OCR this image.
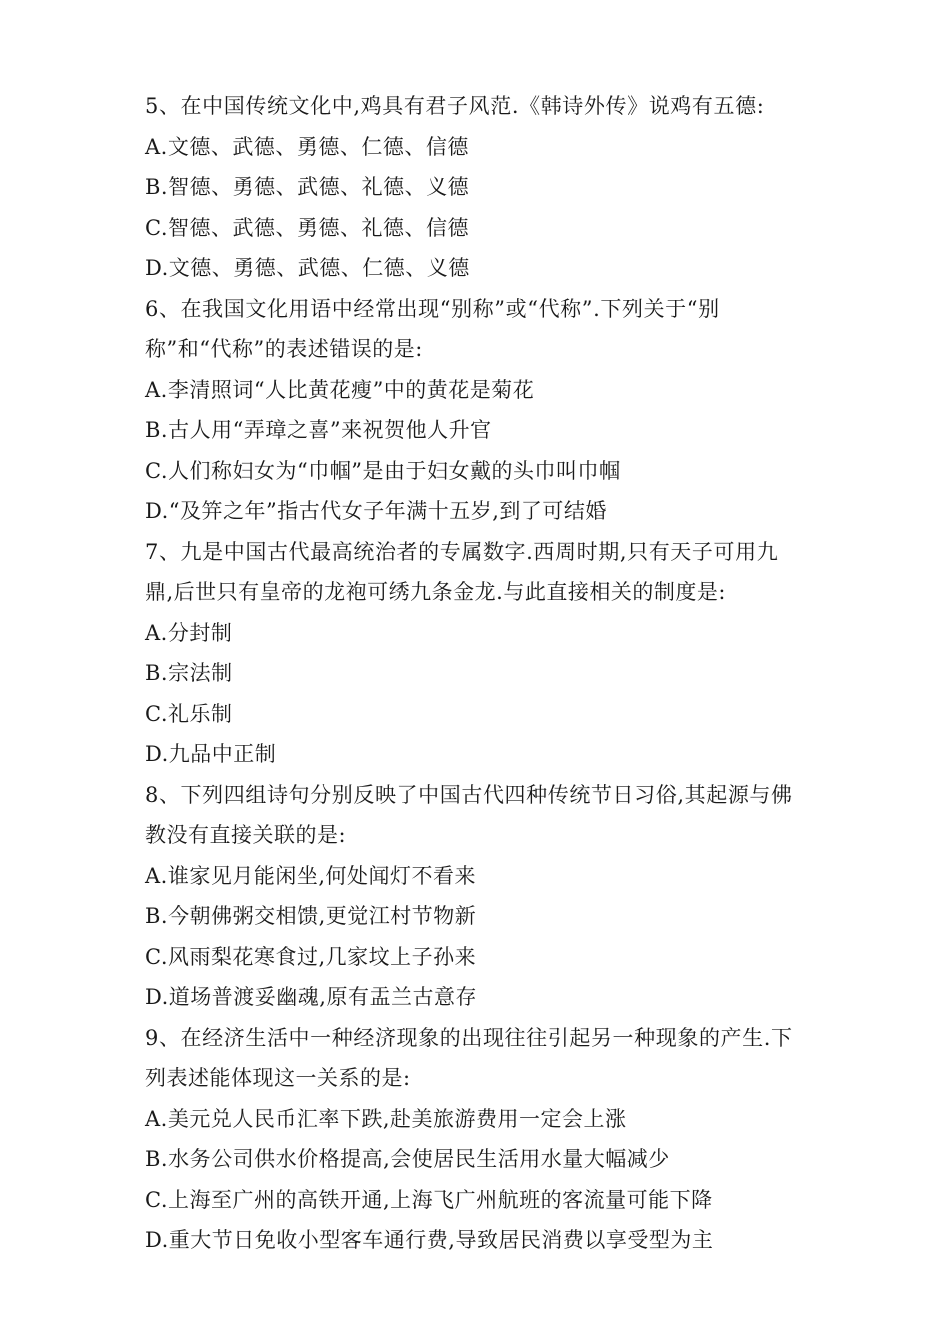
5、在中国传统文化中,鸡具有君子风范.《韩诗外传》说鸡有五德:
A.文德、武德、勇德、仁德、信德
B.智德、勇德、武德、礼德、义德
C.智德、武德、勇德、礼德、信德
D.文德、勇德、武德、仁德、义德
6、在我国文化用语中经常出现“别称”或“代称”.下列关于“别
称”和“代称”的表述错误的是:
A.李清照词“人比黄花瘦”中的黄花是菊花
B.古人用“弄璋之喜”来祝贺他人升官
C.人们称妇女为“巾帼”是由于妇女戴的头巾叫巾帼
D.“及笄之年”指古代女子年满十五岁,到了可结婚
7、九是中国古代最高统治者的专属数字.西周时期,只有天子可用九
鼎,后世只有皇帝的龙袍可绣九条金龙.与此直接相关的制度是:
A.分封制
B.宗法制
C.礼乐制
D.九品中正制
8、下列四组诗句分别反映了中国古代四种传统节日习俗,其起源与佛
教没有直接关联的是:
A.谁家见月能闲坐,何处闻灯不看来
B.今朝佛粥交相馈,更觉江村节物新
C.风雨梨花寒食过,几家坟上子孙来
D.道场普渡妥幽魂,原有盂兰古意存
9、在经济生活中一种经济现象的出现往往引起另一种现象的产生.下
列表述能体现这一关系的是:
A.美元兑人民币汇率下跌,赴美旅游费用一定会上涨
B.水务公司供水价格提高,会使居民生活用水量大幅减少
C.上海至广州的高铁开通,上海飞广州航班的客流量可能下降
D.重大节日免收小型客车通行费,导致居民消费以享受型为主
